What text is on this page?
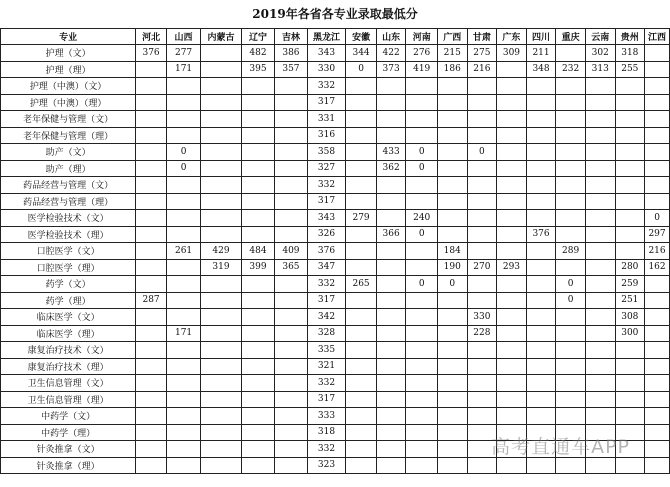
2019年各省各专业录取最低分
专业	河北	山西	内蒙古	辽宁	吉林	黑龙江	安徽	山东	河南	广西	甘肃	广东	四川	重庆	云南	贵州	江西
护理（文）	376	277		482	386	343	344	422	276	215	275	309	211		302	318	
护理（理）		171		395	357	330	0	373	419	186	216		348	232	313	255	
护理（中澳）（文）						332											
护理（中澳）（理）						317											
老年保健与管理（文）						331											
老年保健与管理（理）						316											
助产（文）		0				358		433	0		0						
助产（理）		0				327		362	0								
药品经营与管理（文）						332											
药品经营与管理（理）						317											
医学检验技术（文）						343	279		240								0
医学检验技术（理）						326		366	0				376				297
口腔医学（文）		261	429	484	409	376				184				289			216
口腔医学（理）			319	399	365	347				190	270	293				280	162
药学（文）						332	265		0	0				0		259	
药学（理）	287					317								0		251	
临床医学（文）						342					330					308	
临床医学（理）		171				328					228					300	
康复治疗技术（文）						335											
康复治疗技术（理）						321											
卫生信息管理（文）						332											
卫生信息管理（理）						317											
中药学（文）						333											
中药学（理）						318											
针灸推拿（文）						332											
针灸推拿（理）						323											
高考直通车APP
